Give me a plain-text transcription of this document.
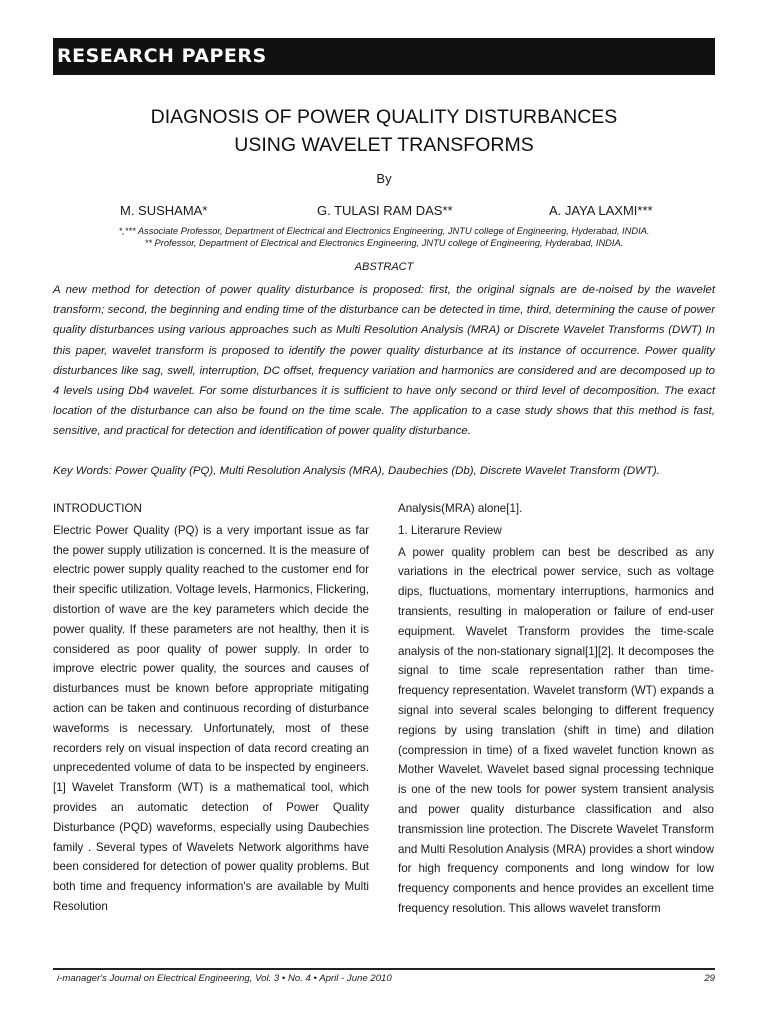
RESEARCH PAPERS
DIAGNOSIS OF POWER QUALITY DISTURBANCES
USING WAVELET TRANSFORMS
By
M. SUSHAMA*	G. TULASI RAM DAS**	A. JAYA LAXMI***
*,*** Associate Professor, Department of Electrical and Electronics Engineering, JNTU college of Engineering, Hyderabad, INDIA.
** Professor, Department of Electrical and Electronics Engineering, JNTU college of Engineering, Hyderabad, INDIA.
ABSTRACT

A new method for detection of power quality disturbance is proposed: first, the original signals are de-noised by the wavelet transform; second, the beginning and ending time of the disturbance can be detected in time, third, determining the cause of power quality disturbances using various approaches such as Multi Resolution Analysis (MRA) or Discrete Wavelet Transforms (DWT) In this paper, wavelet transform is proposed to identify the power quality disturbance at its instance of occurrence. Power quality disturbances like sag, swell, interruption, DC offset, frequency variation and harmonics are considered and are decomposed up to 4 levels using Db4 wavelet. For some disturbances it is sufficient to have only second or third level of decomposition. The exact location of the disturbance can also be found on the time scale. The application to a case study shows that this method is fast, sensitive, and practical for detection and identification of power quality disturbance.

Key Words: Power Quality (PQ), Multi Resolution Analysis (MRA), Daubechies (Db), Discrete Wavelet Transform (DWT).

INTRODUCTION

Electric Power Quality (PQ) is a very important issue as far the power supply utilization is concerned. It is the measure of electric power supply quality reached to the customer end for their specific utilization. Voltage levels, Harmonics, Flickering, distortion of wave are the key parameters which decide the power quality. If these parameters are not healthy, then it is considered as poor quality of power supply. In order to improve electric power quality, the sources and causes of disturbances must be known before appropriate mitigating action can be taken and continuous recording of disturbance waveforms is necessary. Unfortunately, most of these recorders rely on visual inspection of data record creating an unprecedented volume of data to be inspected by engineers.[1] Wavelet Transform (WT) is a mathematical tool, which provides an automatic detection of Power Quality Disturbance (PQD) waveforms, especially using Daubechies family . Several types of Wavelets Network algorithms have been considered for detection of power quality problems. But both time and frequency information's are available by Multi Resolution

Analysis(MRA) alone[1].

1. Literarure Review

A power quality problem can best be described as any variations in the electrical power service, such as voltage dips, fluctuations, momentary interruptions, harmonics and transients, resulting in maloperation or failure of end-user equipment. Wavelet Transform provides the time-scale analysis of the non-stationary signal[1][2]. It decomposes the signal to time scale representation rather than time- frequency representation. Wavelet transform (WT) expands a signal into several scales belonging to different frequency regions by using translation (shift in time) and dilation (compression in time) of a fixed wavelet function known as Mother Wavelet. Wavelet based signal processing technique is one of the new tools for power system transient analysis and power quality disturbance classification and also transmission line protection. The Discrete Wavelet Transform and Multi Resolution Analysis (MRA) provides a short window for high frequency components and long window for low frequency components and hence provides an excellent time frequency resolution. This allows wavelet transform

i-manager's Journal on Electrical Engineering, Vol. 3 • No. 4 • April - June 2010	29
